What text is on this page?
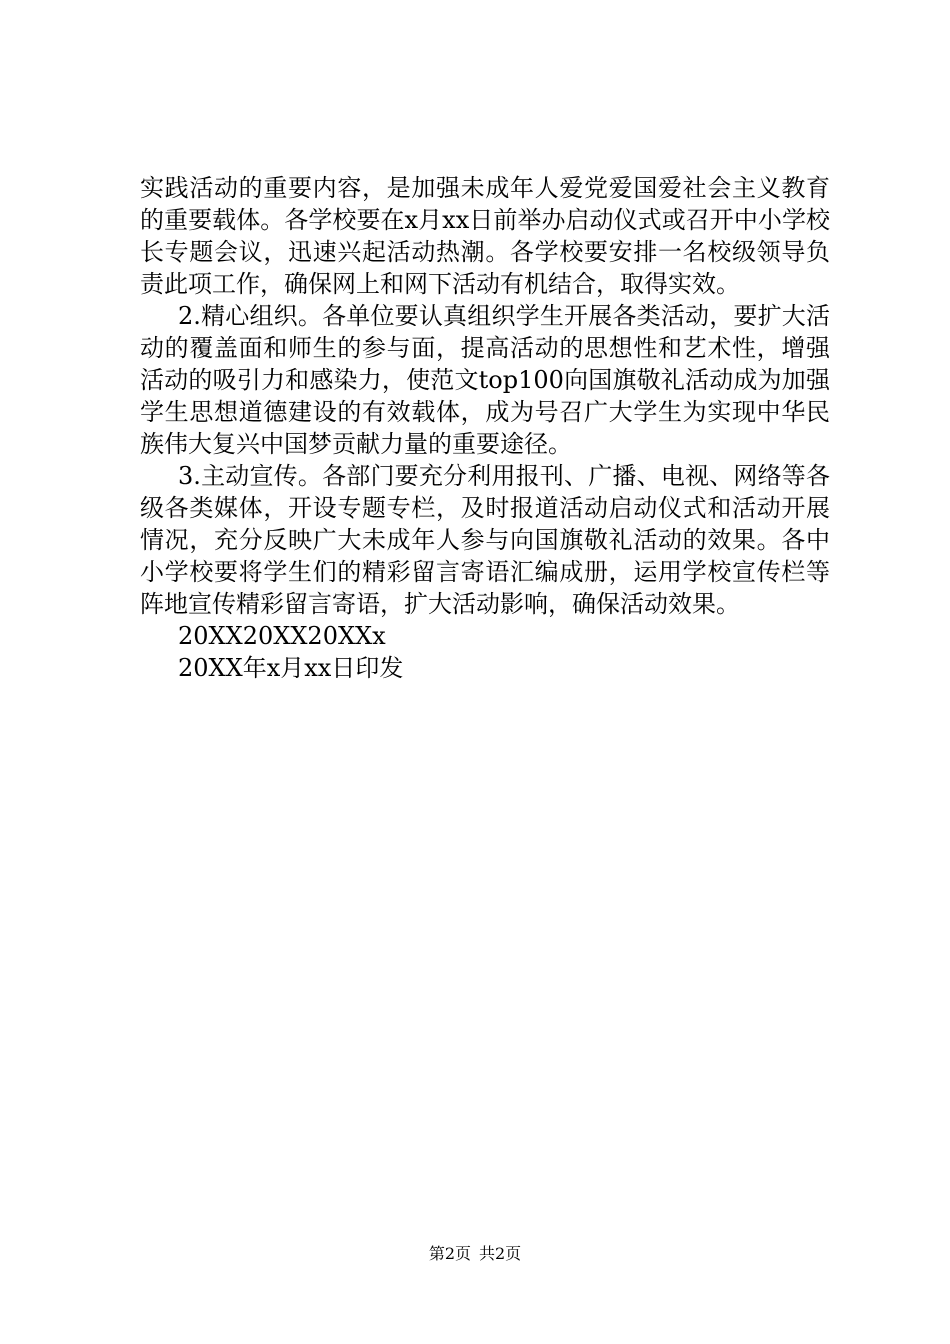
实践活动的重要内容，是加强未成年人爱党爱国爱社会主义教育的重要载体。各学校要在x月xx日前举办启动仪式或召开中小学校长专题会议，迅速兴起活动热潮。各学校要安排一名校级领导负责此项工作，确保网上和网下活动有机结合，取得实效。

2.精心组织。各单位要认真组织学生开展各类活动，要扩大活动的覆盖面和师生的参与面，提高活动的思想性和艺术性，增强活动的吸引力和感染力，使范文top100向国旗敬礼活动成为加强学生思想道德建设的有效载体，成为号召广大学生为实现中华民族伟大复兴中国梦贡献力量的重要途径。

3.主动宣传。各部门要充分利用报刊、广播、电视、网络等各级各类媒体，开设专题专栏，及时报道活动启动仪式和活动开展情况，充分反映广大未成年人参与向国旗敬礼活动的效果。各中小学校要将学生们的精彩留言寄语汇编成册，运用学校宣传栏等阵地宣传精彩留言寄语，扩大活动影响，确保活动效果。

20XX20XX20XXx

20XX年x月xx日印发

第2页 共2页
